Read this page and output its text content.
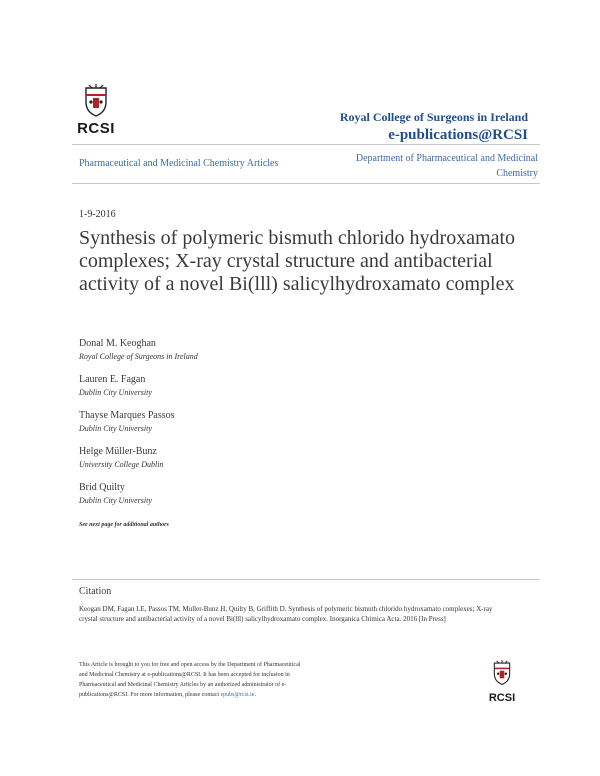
RCSI
Royal College of Surgeons in Ireland
e-publications@RCSI
Pharmaceutical and Medicinal Chemistry Articles	Department of Pharmaceutical and Medicinal Chemistry
1-9-2016
Synthesis of polymeric bismuth chlorido hydroxamato complexes; X-ray crystal structure and antibacterial activity of a novel Bi(lll) salicylhydroxamato complex
Donal M. Keoghan
Royal College of Surgeons in Ireland
Lauren E. Fagan
Dublin City University
Thayse Marques Passos
Dublin City University
Helge Müller-Bunz
University College Dublin
Brid Quilty
Dublin City University
See next page for additional authors
Citation
Keogan DM, Fagan LE, Passos TM, Muller-Bunz H, Quilty B, Griffith D. Synthesis of polymeric bismuth chlorido hydroxamato complexes; X-ray crystal structure and antibacterial activity of a novel Bi(lll) salicylhydroxamato complex. Inorganica Chimica Acta. 2016 [In Press]
This Article is brought to you for free and open access by the Department of Pharmaceutical and Medicinal Chemistry at e-publications@RCSI. It has been accepted for inclusion in Pharmaceutical and Medicinal Chemistry Articles by an authorized administrator of e-publications@RCSI. For more information, please contact epubs@rcsi.ie.	RCSI
